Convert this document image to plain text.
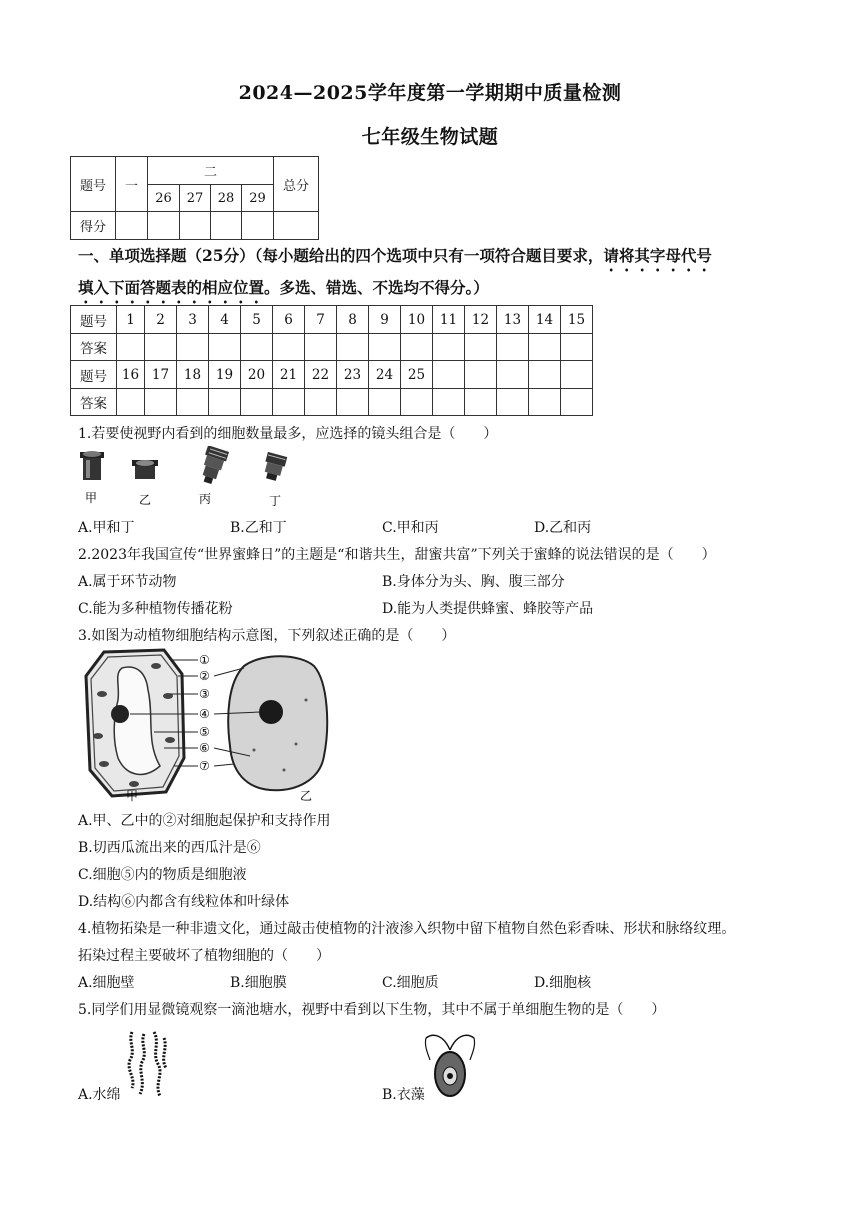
2024—2025学年度第一学期期中质量检测
七年级生物试题
题号	一	二				总分
		26	27	28	29	
得分						
一、单项选择题（25分）（每小题给出的四个选项中只有一项符合题目要求，请将其字母代号
填入下面答题表的相应位置。多选、错选、不选均不得分。）
题号	1	2	3	4	5	6	7	8	9	10	11	12	13	14	15
答案															
题号	16	17	18	19	20	21	22	23	24	25					
答案															
1.若要使视野内看到的细胞数量最多，应选择的镜头组合是（　　）
甲	乙	丙	丁
A.甲和丁	B.乙和丁	C.甲和丙	D.乙和丙
2.2023年我国宣传“世界蜜蜂日”的主题是“和谐共生，甜蜜共富”下列关于蜜蜂的说法错误的是（　　）
A.属于环节动物	B.身体分为头、胸、腹三部分
C.能为多种植物传播花粉	D.能为人类提供蜂蜜、蜂胶等产品
3.如图为动植物细胞结构示意图，下列叙述正确的是（　　）
①
②
③
④
⑤
⑥
⑦
甲	乙
A.甲、乙中的②对细胞起保护和支持作用
B.切西瓜流出来的西瓜汁是⑥
C.细胞⑤内的物质是细胞液
D.结构⑥内都含有线粒体和叶绿体
4.植物拓染是一种非遗文化，通过敲击使植物的汁液渗入织物中留下植物自然色彩香味、形状和脉络纹理。
拓染过程主要破坏了植物细胞的（　　）
A.细胞壁	B.细胞膜	C.细胞质	D.细胞核
5.同学们用显微镜观察一滴池塘水，视野中看到以下生物，其中不属于单细胞生物的是（　　）
A.水绵	B.衣藻
